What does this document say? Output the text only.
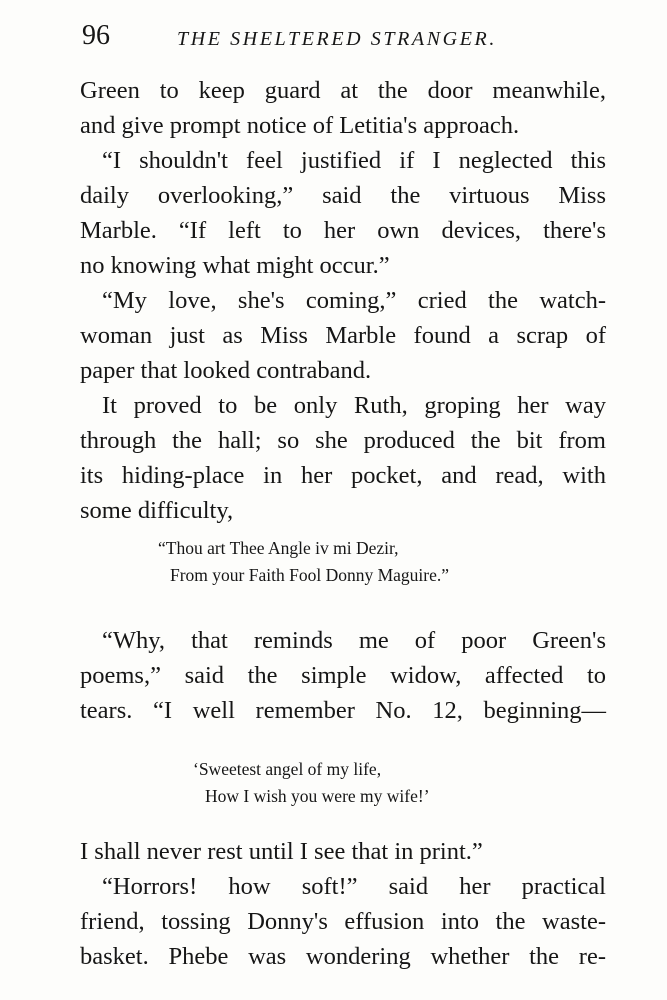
96	THE SHELTERED STRANGER.
Green to keep guard at the door meanwhile,
and give prompt notice of Letitia's approach.
“I shouldn't feel justified if I neglected this
daily overlooking,” said the virtuous Miss
Marble. “If left to her own devices, there's
no knowing what might occur.”
“My love, she's coming,” cried the watch-
woman just as Miss Marble found a scrap of
paper that looked contraband.
It proved to be only Ruth, groping her way
through the hall; so she produced the bit from
its hiding-place in her pocket, and read, with
some difficulty,
“Thou art Thee Angle iv mi Dezir,
From your Faith Fool Donny Maguire.”
“Why, that reminds me of poor Green's
poems,” said the simple widow, affected to
tears. “I well remember No. 12, beginning—
‘Sweetest angel of my life,
How I wish you were my wife!’
I shall never rest until I see that in print.”
“Horrors! how soft!” said her practical
friend, tossing Donny's effusion into the waste-
basket. Phebe was wondering whether the re-
